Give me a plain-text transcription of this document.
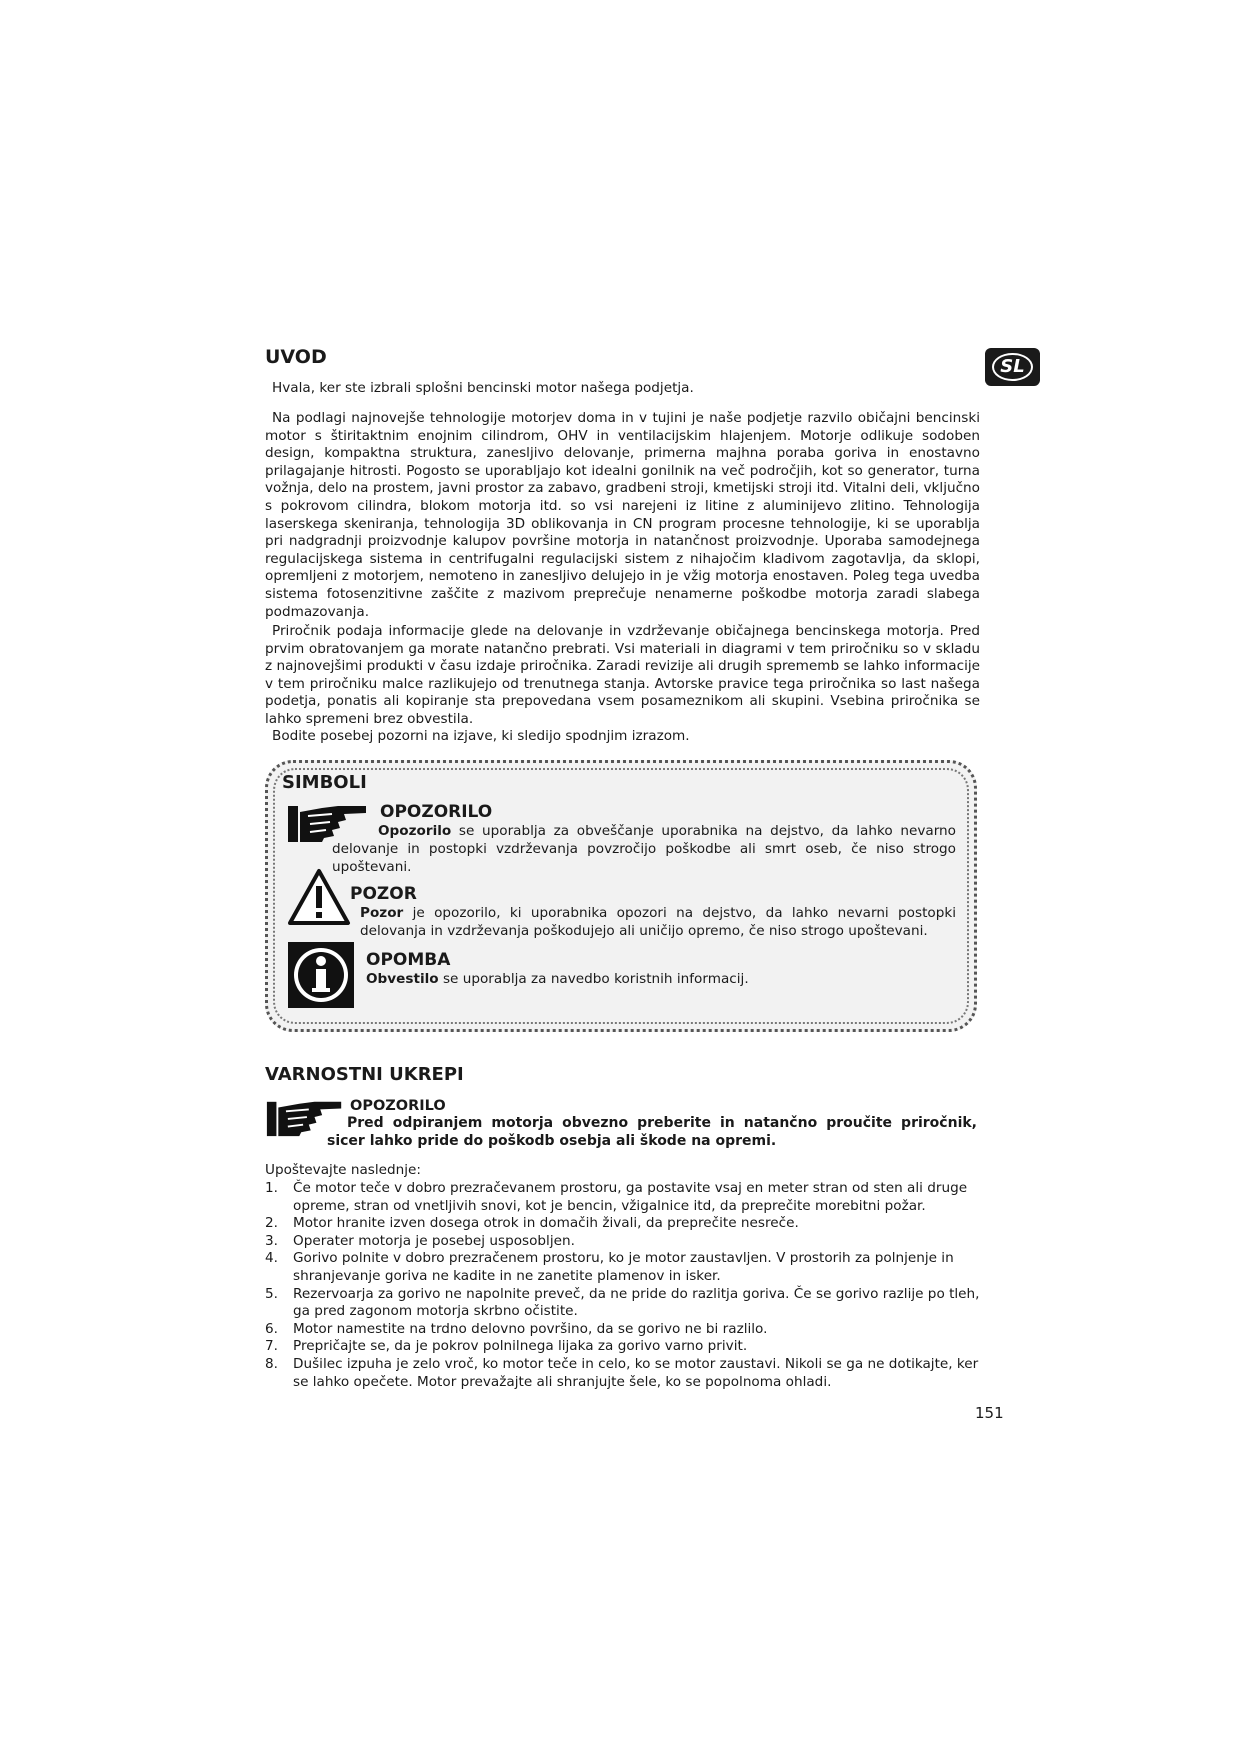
UVOD	SL

Hvala, ker ste izbrali splošni bencinski motor našega podjetja.

Na podlagi najnovejše tehnologije motorjev doma in v tujini je naše podjetje razvilo običajni bencinski motor s štiritaktnim enojnim cilindrom, OHV in ventilacijskim hlajenjem. Motorje odlikuje sodoben design, kompaktna struktura, zanesljivo delovanje, primerna majhna poraba goriva in enostavno prilagajanje hitrosti. Pogosto se uporabljajo kot idealni gonilnik na več področjih, kot so generator, turna vožnja, delo na prostem, javni prostor za zabavo, gradbeni stroji, kmetijski stroji itd. Vitalni deli, vključno s pokrovom cilindra, blokom motorja itd. so vsi narejeni iz litine z aluminijevo zlitino. Tehnologija laserskega skeniranja, tehnologija 3D oblikovanja in CN program procesne tehnologije, ki se uporablja pri nadgradnji proizvodnje kalupov površine motorja in natančnost proizvodnje. Uporaba samodejnega regulacijskega sistema in centrifugalni regulacijski sistem z nihajočim kladivom zagotavlja, da sklopi, opremljeni z motorjem, nemoteno in zanesljivo delujejo in je vžig motorja enostaven. Poleg tega uvedba sistema fotosenzitivne zaščite z mazivom preprečuje nenamerne poškodbe motorja zaradi slabega podmazovanja.

Priročnik podaja informacije glede na delovanje in vzdrževanje običajnega bencinskega motorja. Pred prvim obratovanjem ga morate natančno prebrati. Vsi materiali in diagrami v tem priročniku so v skladu z najnovejšimi produkti v času izdaje priročnika. Zaradi revizije ali drugih sprememb se lahko informacije v tem priročniku malce razlikujejo od trenutnega stanja. Avtorske pravice tega priročnika so last našega podetja, ponatis ali kopiranje sta prepovedana vsem posameznikom ali skupini. Vsebina priročnika se lahko spremeni brez obvestila.

Bodite posebej pozorni na izjave, ki sledijo spodnjim izrazom.

SIMBOLI
OPOZORILO

Opozorilo se uporablja za obveščanje uporabnika na dejstvo, da lahko nevarno delovanje in postopki vzdrževanja povzročijo poškodbe ali smrt oseb, če niso strogo upoštevani.

POZOR

Pozor je opozorilo, ki uporabnika opozori na dejstvo, da lahko nevarni postopki delovanja in vzdrževanja poškodujejo ali uničijo opremo, če niso strogo upoštevani.

OPOMBA

Obvestilo se uporablja za navedbo koristnih informacij.

VARNOSTNI UKREPI
OPOZORILO

Pred odpiranjem motorja obvezno preberite in natančno proučite priročnik, sicer lahko pride do poškodb osebja ali škode na opremi.

Upoštevajte naslednje:

1. Če motor teče v dobro prezračevanem prostoru, ga postavite vsaj en meter stran od sten ali druge opreme, stran od vnetljivih snovi, kot je bencin, vžigalnice itd, da preprečite morebitni požar.
2. Motor hranite izven dosega otrok in domačih živali, da preprečite nesreče.
3. Operater motorja je posebej usposobljen.
4. Gorivo polnite v dobro prezračenem prostoru, ko je motor zaustavljen. V prostorih za polnjenje in shranjevanje goriva ne kadite in ne zanetite plamenov in isker.
5. Rezervoarja za gorivo ne napolnite preveč, da ne pride do razlitja goriva. Če se gorivo razlije po tleh, ga pred zagonom motorja skrbno očistite.
6. Motor namestite na trdno delovno površino, da se gorivo ne bi razlilo.
7. Prepričajte se, da je pokrov polnilnega lijaka za gorivo varno privit.
8. Dušilec izpuha je zelo vroč, ko motor teče in celo, ko se motor zaustavi. Nikoli se ga ne dotikajte, ker se lahko opečete. Motor prevažajte ali shranjujte šele, ko se popolnoma ohladi.
151
